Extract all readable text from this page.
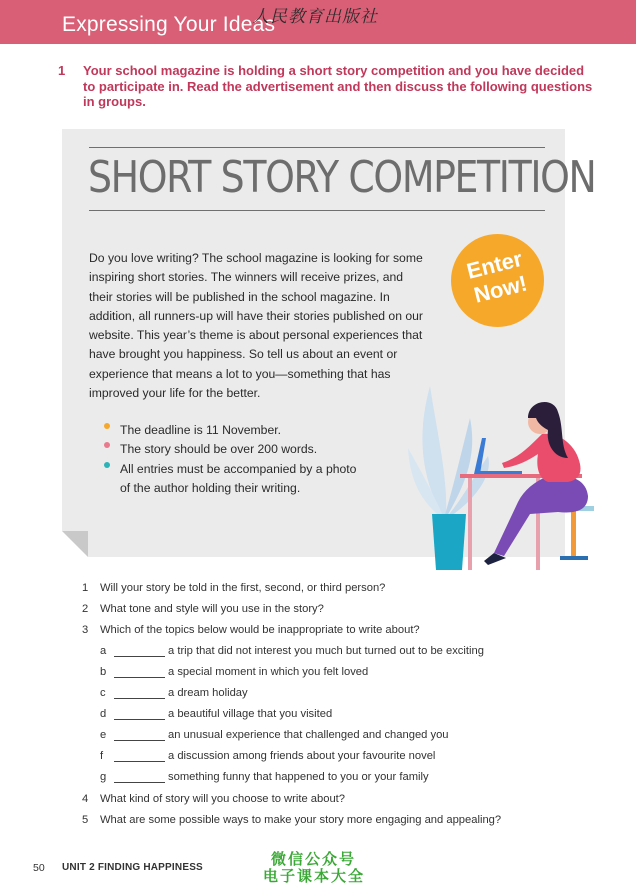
Expressing Your Ideas
人民教育出版社
1 Your school magazine is holding a short story competition and you have decided to participate in. Read the advertisement and then discuss the following questions in groups.
SHORT STORY COMPETITION
Do you love writing? The school magazine is looking for some inspiring short stories. The winners will receive prizes, and their stories will be published in the school magazine. In addition, all runners-up will have their stories published on our website. This year’s theme is about personal experiences that have brought you happiness. So tell us about an event or experience that means a lot to you—something that has improved your life for the better.
Enter Now!
The deadline is 11 November.
The story should be over 200 words.
All entries must be accompanied by a photo of the author holding their writing.
1 Will your story be told in the first, second, or third person?
2 What tone and style will you use in the story?
3 Which of the topics below would be inappropriate to write about?
a	a trip that did not interest you much but turned out to be exciting
b	a special moment in which you felt loved
c	a dream holiday
d	a beautiful village that you visited
e	an unusual experience that challenged and changed you
f	a discussion among friends about your favourite novel
g	something funny that happened to you or your family
4 What kind of story will you choose to write about?
5 What are some possible ways to make your story more engaging and appealing?
50 UNIT 2 FINDING HAPPINESS	微信公众号
电子课本大全
